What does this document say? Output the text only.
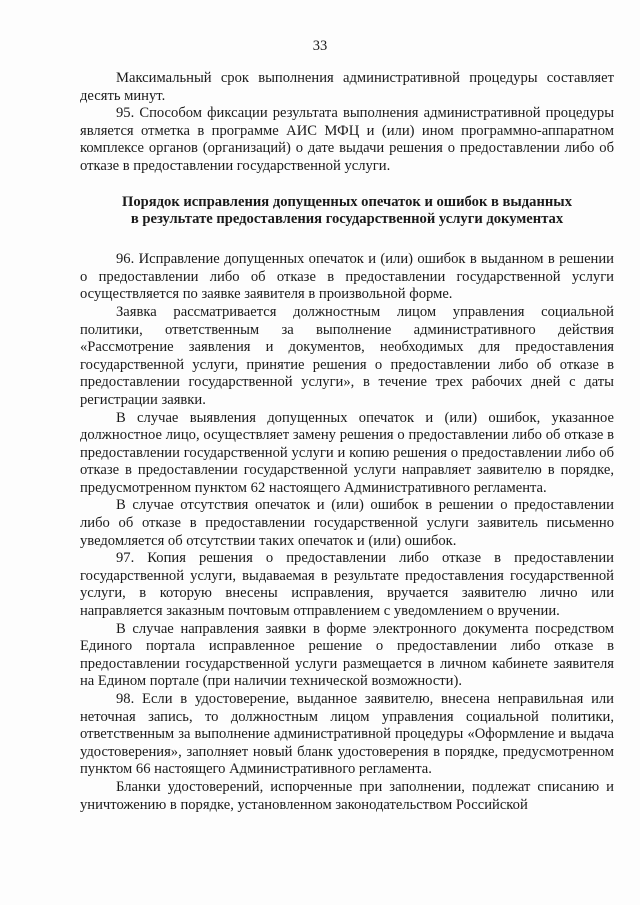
33

Максимальный срок выполнения административной процедуры составляет десять минут.

95. Способом фиксации результата выполнения административной процедуры является отметка в программе АИС МФЦ и (или) ином программно-аппаратном комплексе органов (организаций) о дате выдачи решения о предоставлении либо об отказе в предоставлении государственной услуги.

Порядок исправления допущенных опечаток и ошибок в выданных
в результате предоставления государственной услуги документах

96. Исправление допущенных опечаток и (или) ошибок в выданном в решении о предоставлении либо об отказе в предоставлении государственной услуги осуществляется по заявке заявителя в произвольной форме.

Заявка рассматривается должностным лицом управления социальной политики, ответственным за выполнение административного действия «Рассмотрение заявления и документов, необходимых для предоставления государственной услуги, принятие решения о предоставлении либо об отказе в предоставлении государственной услуги», в течение трех рабочих дней с даты регистрации заявки.

В случае выявления допущенных опечаток и (или) ошибок, указанное должностное лицо, осуществляет замену решения о предоставлении либо об отказе в предоставлении государственной услуги и копию решения о предоставлении либо об отказе в предоставлении государственной услуги направляет заявителю в порядке, предусмотренном пунктом 62 настоящего Административного регламента.

В случае отсутствия опечаток и (или) ошибок в решении о предоставлении либо об отказе в предоставлении государственной услуги заявитель письменно уведомляется об отсутствии таких опечаток и (или) ошибок.

97. Копия решения о предоставлении либо отказе в предоставлении государственной услуги, выдаваемая в результате предоставления государственной услуги, в которую внесены исправления, вручается заявителю лично или направляется заказным почтовым отправлением с уведомлением о вручении.

В случае направления заявки в форме электронного документа посредством Единого портала исправленное решение о предоставлении либо отказе в предоставлении государственной услуги размещается в личном кабинете заявителя на Едином портале (при наличии технической возможности).

98. Если в удостоверение, выданное заявителю, внесена неправильная или неточная запись, то должностным лицом управления социальной политики, ответственным за выполнение административной процедуры «Оформление и выдача удостоверения», заполняет новый бланк удостоверения в порядке, предусмотренном пунктом 66 настоящего Административного регламента.

Бланки удостоверений, испорченные при заполнении, подлежат списанию и уничтожению в порядке, установленном законодательством Российской
